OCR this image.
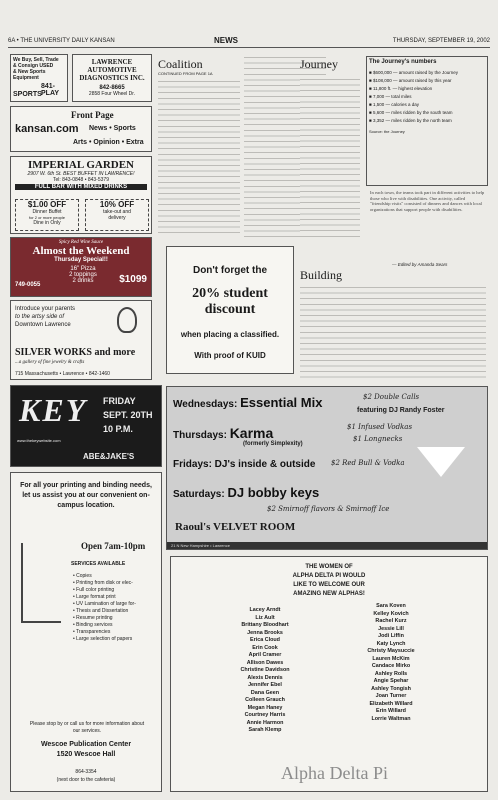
6A • THE UNIVERSITY DAILY KANSAN	NEWS	THURSDAY, SEPTEMBER 19, 2002
We Buy, Sell, Trade
& Consign USED
& New Sports
Equipment
841-PLAY
SPORTS
LAWRENCE AUTOMOTIVE DIAGNOSTICS INC.
842-8665
2858 Four Wheel Dr.
Front Page
kansan.com News • Sports
Arts • Opinion • Extra
IMPERIAL GARDEN
2907 W. 6th St. BEST BUFFET IN LAWRENCE!
Tel: 843-0848 • 843-5379
FULL BAR WITH MIXED DRINKS
$1.00 OFF
Dinner Buffet
for 2 or more people
Dine in Only
10% OFF
take-out and
delivery
Spicy Red Wine Sauce
Almost the Weekend
Thursday Special!!
16" Pizza
2 toppings
2 drinks
749-0055	$1099
Introduce your parents
to the artsy side of
Downtown Lawrence
SILVER WORKS and more
...a gallery of fine jewelry & crafts
715 Massachusetts • Lawrence • 842-1460
KEY FRIDAY
SEPT. 20TH
10 P.M.
www.thekeywebsite.com
ABE&JAKE'S
For all your printing and binding needs, let us assist you at our convenient on-campus location.
Open 7am-10pm
SERVICES AVAILABLE
• Copies
• Printing from disk or elec-
• Full color printing
• Large format print
• UV Lamination of large for-
• Thesis and Dissertation
• Resume printing
• Binding services
• Transparencies
• Large selection of papers
Please stop by or call us for more information about our services.
Wescoe Publication Center
1520 Wescoe Hall
864-3354
(next door to the cafeteria)
Coalition
CONTINUED FROM PAGE 1A
Journey	The Journey's numbers
■ $600,000 — amount raised by the Journey
■ $108,000 — amount raised by this year
■ 11,800 ft. — highest elevation
■ 7,000 — total miles
■ 1,500 — calories a day
■ 5,600 — miles ridden by the south team
■ 3,352 — miles ridden by the north team
Source: the Journey
In each town, the teams took part in different activities to help those who live with disabilities. One activity, called "friendship visits" consisted of dinners and dances with local organizations that support people with disabilities.
— Edited by Amanda Sears
Don't forget the
20% student discount
when placing a classified.
With proof of KUID
Building
Wednesdays: Essential Mix	$2 Double Calls
featuring DJ Randy Foster
Thursdays: Karma
(formerly Simplexity)
$1 Infused Vodkas
$1 Longnecks
Fridays: DJ's inside & outside $2 Red Bull & Vodka
Saturdays: DJ bobby keys
$2 Smirnoff flavors & Smirnoff Ice
Raoul's VELVET ROOM
21 N New Hampshire • Lawrence
THE WOMEN OF
ALPHA DELTA PI WOULD
LIKE TO WELCOME OUR
AMAZING NEW ALPHAS!
Lacey Arndt
Liz Ault
Brittany Bloodhart
Jenna Brooks
Erica Cloud
Erin Cook
April Cramer
Allison Dawes
Christine Davidson
Alexis Dennis
Jennifer Ebel
Dana Geen
Colleen Grauch
Megan Haney
Courtney Harris
Annie Harmon
Sarah Klemp
Sara Koven
Kelley Kovich
Rachel Kurz
Jessie Lill
Jodi Liffin
Katy Lynch
Christy Maysuccie
Lauren McKim
Candace Mirko
Ashley Rolls
Angie Spehar
Ashley Tongish
Joan Turner
Elizabeth Willard
Erin Willard
Lorrie Waltman
Alpha Delta Pi
